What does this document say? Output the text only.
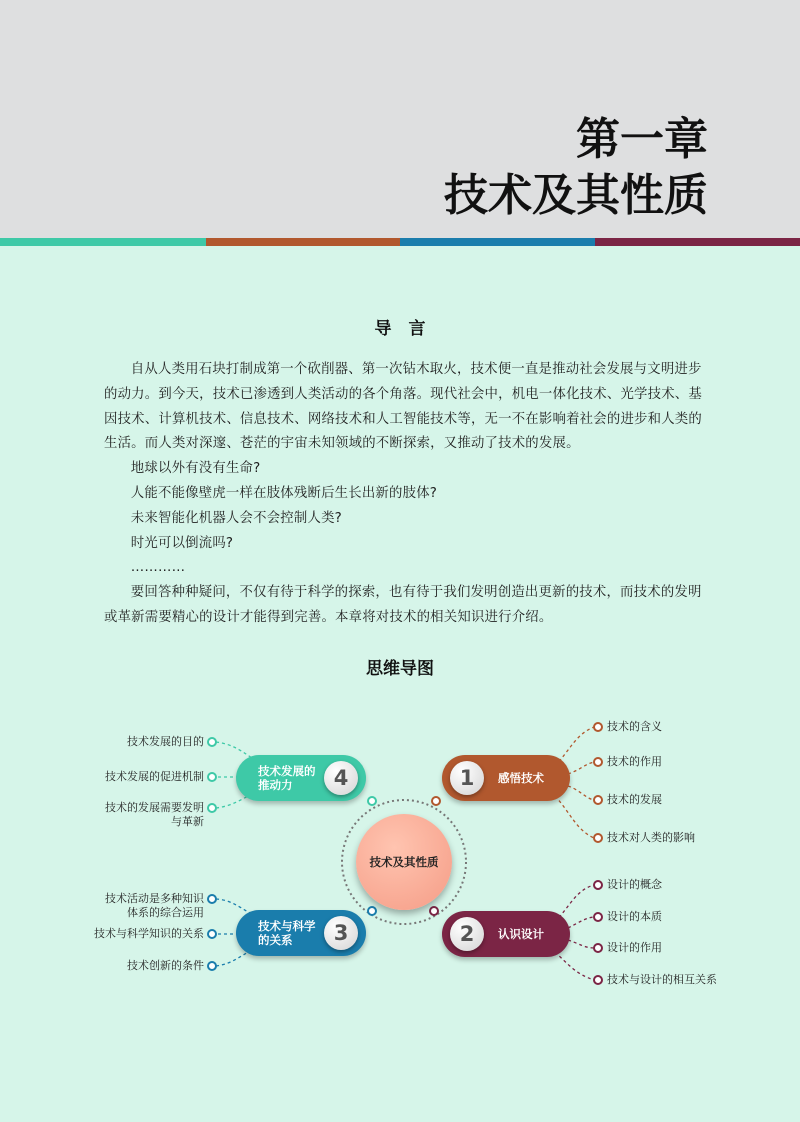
第一章
技术及其性质
导　言

自从人类用石块打制成第一个砍削器、第一次钻木取火，技术便一直是推动社会发展与文明进步的动力。到今天，技术已渗透到人类活动的各个角落。现代社会中，机电一体化技术、光学技术、基因技术、计算机技术、信息技术、网络技术和人工智能技术等，无一不在影响着社会的进步和人类的生活。而人类对深邃、苍茫的宇宙未知领域的不断探索，又推动了技术的发展。

地球以外有没有生命?

人能不能像壁虎一样在肢体残断后生长出新的肢体?

未来智能化机器人会不会控制人类?

时光可以倒流吗?

…………

要回答种种疑问，不仅有待于科学的探索，也有待于我们发明创造出更新的技术，而技术的发明或革新需要精心的设计才能得到完善。本章将对技术的相关知识进行介绍。

思维导图
技术及其性质
技术发展的
推动力	4	1	感悟技术
技术与科学
的关系	3	2	认识设计
技术的含义
技术的作用
技术的发展
技术对人类的影响
设计的概念
设计的本质
设计的作用
技术与设计的相互关系
技术发展的目的
技术发展的促进机制
技术的发展需要发明
与革新
技术活动是多种知识
体系的综合运用
技术与科学知识的关系
技术创新的条件
